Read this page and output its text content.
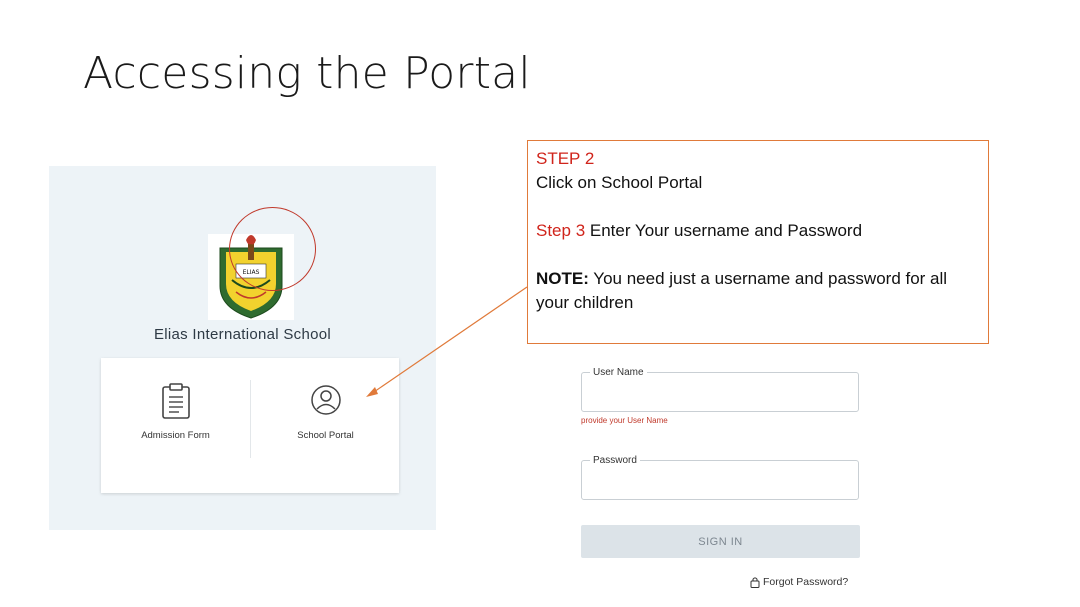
Accessing the Portal
ELIAS
Elias International School
Admission Form	School Portal

STEP 2

Click on School Portal

Step 3 Enter Your username and Password

NOTE: You need just a username and password for all your children

User Name
provide your User Name
Password
SIGN IN
Forgot Password?
